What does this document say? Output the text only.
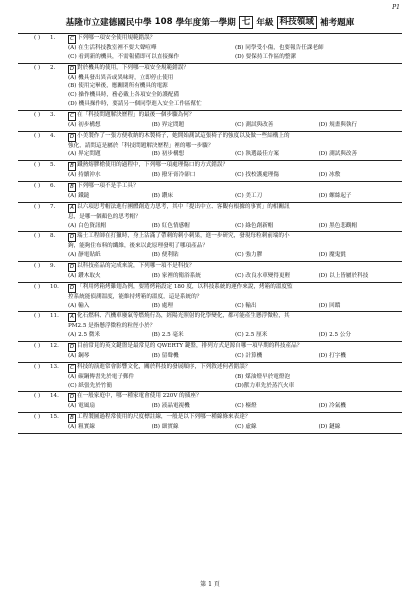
P1
基隆市立建德國民中學
108
學年度第一學期 七 年級 科技領域 補考題庫
( ) 1.	C 下列哪一項安全使用規範錯誤？
(A) 在生活科技教室裡不要大聲喧嘩	(B) 同學受小傷，也要報告任課老師
(C) 看到新的機具，不需報備即可以直接操作	(D) 要保持工作區的整潔
( ) 2.	D 對於機具的使用，下列哪一項安全規範錯誤？
(A) 機具發出異音或異味時，立即停止使用
(B) 使用完畢後，應關閉所有機具的電源
(C) 操作機具時，務必戴上各項安全防護配備
(D) 機具操作時，要請另一個同學進入安全工作區幫忙
( ) 3.	C 在「科技問題解決歷程」的最後一個步驟為何？
(A) 初步構想	(B) 界定問題	(C) 測試與改善	(D) 規畫與執行
( ) 4.	D 小美製作了一張方便收納的木製椅子，她開始測試這張椅子的強度以及做一些結構上的
強化，請問這是屬於「科技問題解決歷程」裡的哪一步驟？
(A) 界定問題	(B) 初步構想	(C) 執選最佳方案	(D) 測試與改善
( ) 5.	B 鐵熱熔膠槍使用的過程中，下列哪一項處理傷口的方式錯誤？
(A) 持續沖水	(B) 撥牙膏冷卻口	(C) 找校護處理傷	(D) 冰敷
( ) 6.	B 下列哪一項不是手工具？
(A) 鐵鎚	(B) 鑽床	(C) 美工刀	(D) 螺絲起子
( ) 7.	A 以六項思考帽法進行團體創造力思考，其中「提出中立、客觀有根據的事實」的相關訊
息，是哪一個顏色的思考帽？
(A) 白色資訊帽	(B) 紅色情感帽	(C) 綠色創新帽	(D) 黑色悲觀帽
( ) 8.	D 瑞士工程師在打獵時，身上沾滿了帶刺的刺小刺果，進一步研究，發現每粒刺前端的小
鉤，能夠住布料的纖維，後來以此原理發明了哪項產品？
(A) 靜電貼紙	(B) 便利貼	(C) 強力膠	(D) 魔鬼氈
( ) 9.	D 以科技產品的完成來說，下列哪一項不是科技？
(A) 鑽木取火	(B) 家裡的衛浴系統	(C) 改良水車變得更輕	(D) 以上皆屬於科技
( ) 10.	D 「利用烤箱烤雞翅為例，要將烤箱設定 180 度，以科技系統的運作來說，烤箱的溫度監
控系統能偵測溫度，能維持烤箱的溫度，這是系統的？
(A) 輸入	(B) 處理	(C) 輸出	(D) 回饋
( ) 11.	A 化石燃料、汽機車廢氣等燃燒行為，經陽光照射的化學變化，都可能產生懸浮微粒，其
PM2.5 是指懸浮微粒的粒徑小於？
(A) 2.5 微米	(B) 2.5 毫米	(C) 2.5 厘米	(D) 2.5 公分
( ) 12.	D 目前常見的英文鍵盤是最常見的 QWERTY 鍵盤，排列方式是源自哪一項早期的科技產品？
(A) 鋼琴	(B) 留聲機	(C) 計算機	(D) 打字機
( ) 13.	C 科技的演進常會影響文化，關於科技的發展順序，下列敘述何者錯誤？
(A) 碳鋼傳書先於電子郵件	(B) 煤油燈早於電燈泡
(C) 紙張先於竹簡	(D)獸力車先於蒸汽火車
( ) 14.	D 在一般家庭中，哪一種家電會使用 220V 的插座？
(A) 電風扇	(B) 液晶電視機	(C) 檯燈	(D) 冷氣機
( ) 15.	B 工程製圖過程常使用的尺度標註線，一般是以下列哪一種線條來表達？
(A) 粗實線	(B) 細實線	(C) 虛線	(D) 鏈線
第 1 頁
